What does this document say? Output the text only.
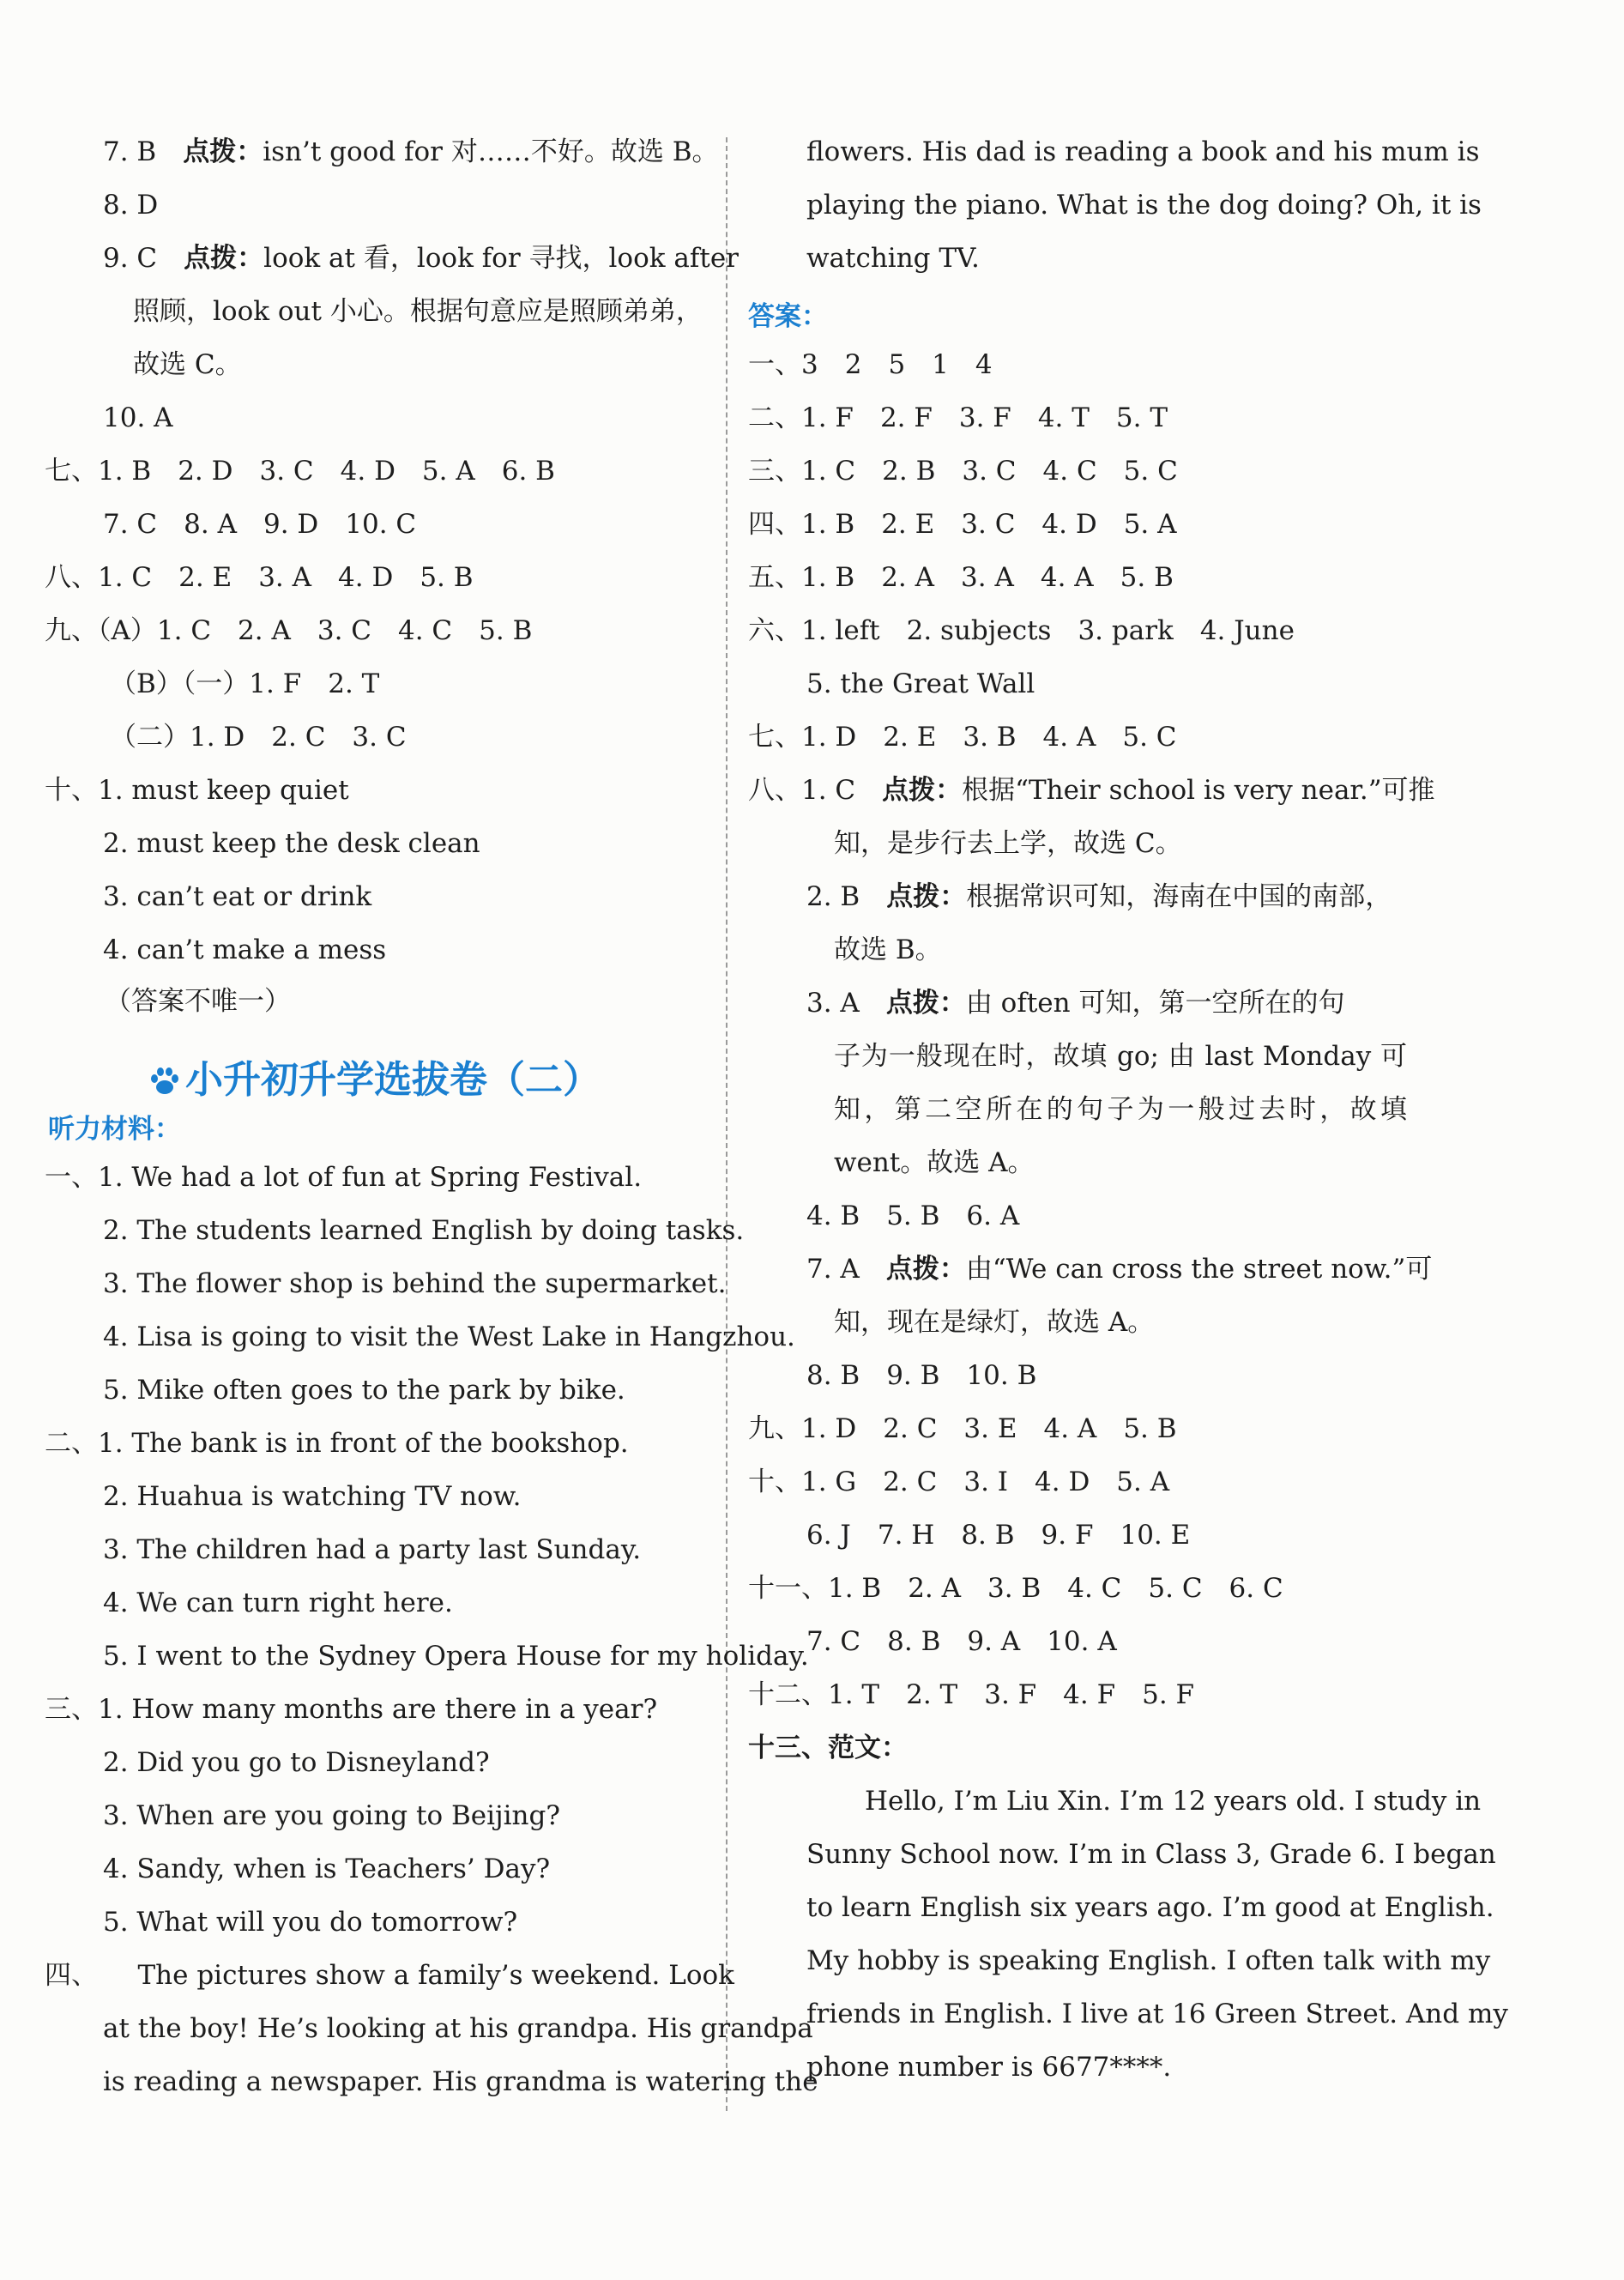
7. B　点拨：isn’t good for 对……不好。故选 B。
8. D
9. C　点拨：look at 看，look for 寻找，look after
照顾，look out 小心。根据句意应是照顾弟弟，
故选 C。
10. A
七、1. B　2. D　3. C　4. D　5. A　6. B
7. C　8. A　9. D　10. C
八、1. C　2. E　3. A　4. D　5. B
九、（A）1. C　2. A　3. C　4. C　5. B
（B）（一）1. F　2. T
（二）1. D　2. C　3. C
十、1. must keep quiet
2. must keep the desk clean
3. can’t eat or drink
4. can’t make a mess
（答案不唯一）
小升初升学选拔卷（二）
听力材料：
一、1. We had a lot of fun at Spring Festival.
2. The students learned English by doing tasks.
3. The flower shop is behind the supermarket.
4. Lisa is going to visit the West Lake in Hangzhou.
5. Mike often goes to the park by bike.
二、1. The bank is in front of the bookshop.
2. Huahua is watching TV now.
3. The children had a party last Sunday.
4. We can turn right here.
5. I went to the Sydney Opera House for my holiday.
三、1. How many months are there in a year?
2. Did you go to Disneyland?
3. When are you going to Beijing?
4. Sandy, when is Teachers’ Day?
5. What will you do tomorrow?
四、　　The pictures show a family’s weekend. Look
at the boy! He’s looking at his grandpa. His grandpa
is reading a newspaper. His grandma is watering the
flowers. His dad is reading a book and his mum is
playing the piano. What is the dog doing? Oh, it is
watching TV.
答案：
一、3　2　5　1　4
二、1. F　2. F　3. F　4. T　5. T
三、1. C　2. B　3. C　4. C　5. C
四、1. B　2. E　3. C　4. D　5. A
五、1. B　2. A　3. A　4. A　5. B
六、1. left　2. subjects　3. park　4. June
5. the Great Wall
七、1. D　2. E　3. B　4. A　5. C
八、1. C　点拨：根据“Their school is very near.”可推
知，是步行去上学，故选 C。
2. B　点拨：根据常识可知，海南在中国的南部，
故选 B。
3. A　点拨：由 often 可知，第一空所在的句
子为一般现在时，故填 go; 由 last Monday 可
知，第二空所在的句子为一般过去时，故填
went。故选 A。
4. B　5. B　6. A
7. A　点拨：由“We can cross the street now.”可
知，现在是绿灯，故选 A。
8. B　9. B　10. B
九、1. D　2. C　3. E　4. A　5. B
十、1. G　2. C　3. I　4. D　5. A
6. J　7. H　8. B　9. F　10. E
十一、1. B　2. A　3. B　4. C　5. C　6. C
7. C　8. B　9. A　10. A
十二、1. T　2. T　3. F　4. F　5. F
十三、范文：
Hello, I’m Liu Xin. I’m 12 years old. I study in
Sunny School now. I’m in Class 3, Grade 6. I began
to learn English six years ago. I’m good at English.
My hobby is speaking English. I often talk with my
friends in English. I live at 16 Green Street. And my
phone number is 6677****.
